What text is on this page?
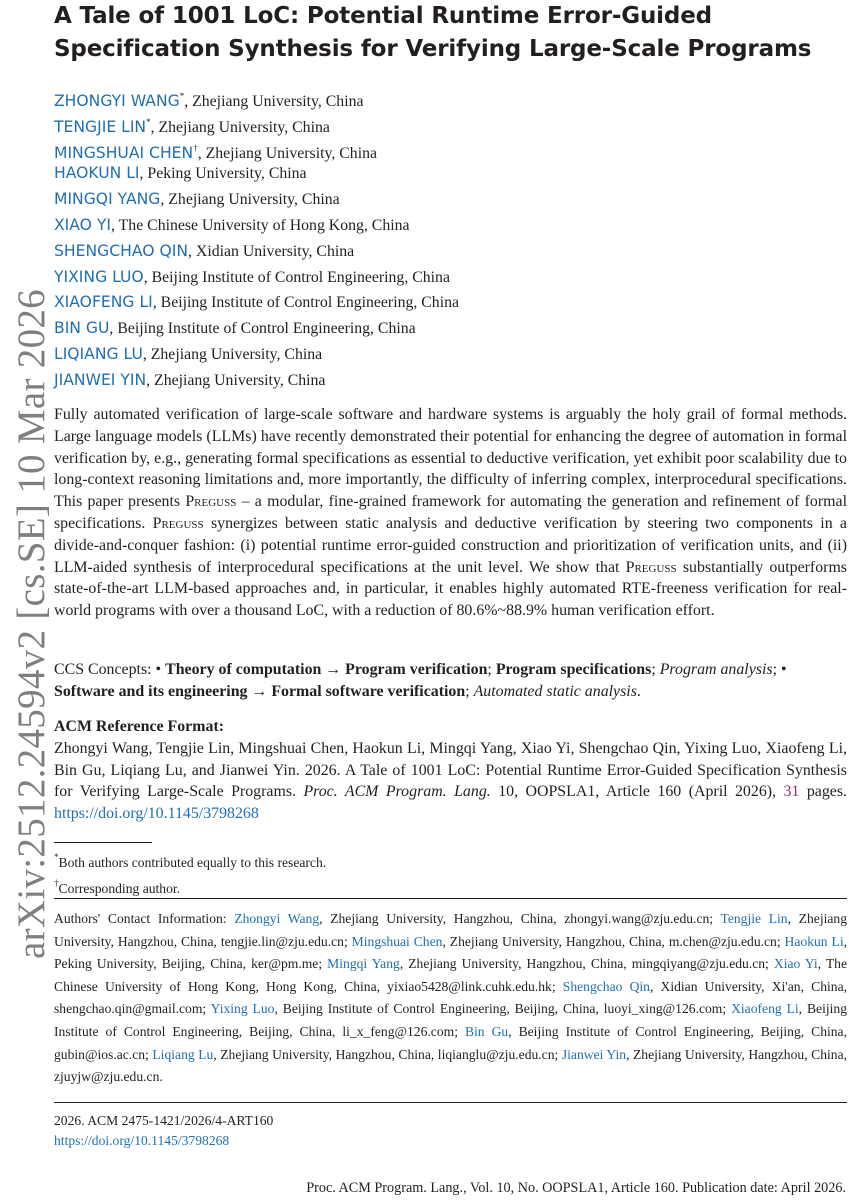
arXiv:2512.24594v2 [cs.SE] 10 Mar 2026
A Tale of 1001 LoC: Potential Runtime Error-Guided
Specification Synthesis for Verifying Large-Scale Programs
ZHONGYI WANG*, Zhejiang University, China
TENGJIE LIN*, Zhejiang University, China
MINGSHUAI CHEN†, Zhejiang University, China
HAOKUN LI, Peking University, China
MINGQI YANG, Zhejiang University, China
XIAO YI, The Chinese University of Hong Kong, China
SHENGCHAO QIN, Xidian University, China
YIXING LUO, Beijing Institute of Control Engineering, China
XIAOFENG LI, Beijing Institute of Control Engineering, China
BIN GU, Beijing Institute of Control Engineering, China
LIQIANG LU, Zhejiang University, China
JIANWEI YIN, Zhejiang University, China
Fully automated verification of large-scale software and hardware systems is arguably the holy grail of formal methods. Large language models (LLMs) have recently demonstrated their potential for enhancing the degree of automation in formal verification by, e.g., generating formal specifications as essential to deductive verification, yet exhibit poor scalability due to long-context reasoning limitations and, more importantly, the difficulty of inferring complex, interprocedural specifications. This paper presents Preguss – a modular, fine-grained framework for automating the generation and refinement of formal specifications. Preguss synergizes between static analysis and deductive verification by steering two components in a divide-and-conquer fashion: (i) potential runtime error-guided construction and prioritization of verification units, and (ii) LLM-aided synthesis of interprocedural specifications at the unit level. We show that Preguss substantially outperforms state-of-the-art LLM-based approaches and, in particular, it enables highly automated RTE-freeness verification for real-world programs with over a thousand LoC, with a reduction of 80.6%~88.9% human verification effort.
CCS Concepts: • Theory of computation → Program verification; Program specifications; Program analysis; • Software and its engineering → Formal software verification; Automated static analysis.
ACM Reference Format:
Zhongyi Wang, Tengjie Lin, Mingshuai Chen, Haokun Li, Mingqi Yang, Xiao Yi, Shengchao Qin, Yixing Luo, Xiaofeng Li, Bin Gu, Liqiang Lu, and Jianwei Yin. 2026. A Tale of 1001 LoC: Potential Runtime Error-Guided Specification Synthesis for Verifying Large-Scale Programs. Proc. ACM Program. Lang. 10, OOPSLA1, Article 160 (April 2026), 31 pages. https://doi.org/10.1145/3798268
*Both authors contributed equally to this research.
†Corresponding author.
Authors' Contact Information: Zhongyi Wang, Zhejiang University, Hangzhou, China, zhongyi.wang@zju.edu.cn; Tengjie Lin, Zhejiang University, Hangzhou, China, tengjie.lin@zju.edu.cn; Mingshuai Chen, Zhejiang University, Hangzhou, China, m.chen@zju.edu.cn; Haokun Li, Peking University, Beijing, China, ker@pm.me; Mingqi Yang, Zhejiang University, Hangzhou, China, mingqiyang@zju.edu.cn; Xiao Yi, The Chinese University of Hong Kong, Hong Kong, China, yixiao5428@link.cuhk.edu.hk; Shengchao Qin, Xidian University, Xi'an, China, shengchao.qin@gmail.com; Yixing Luo, Beijing Institute of Control Engineering, Beijing, China, luoyi_xing@126.com; Xiaofeng Li, Beijing Institute of Control Engineering, Beijing, China, li_x_feng@126.com; Bin Gu, Beijing Institute of Control Engineering, Beijing, China, gubin@ios.ac.cn; Liqiang Lu, Zhejiang University, Hangzhou, China, liqianglu@zju.edu.cn; Jianwei Yin, Zhejiang University, Hangzhou, China, zjuyjw@zju.edu.cn.
2026. ACM 2475-1421/2026/4-ART160
https://doi.org/10.1145/3798268
Proc. ACM Program. Lang., Vol. 10, No. OOPSLA1, Article 160. Publication date: April 2026.
